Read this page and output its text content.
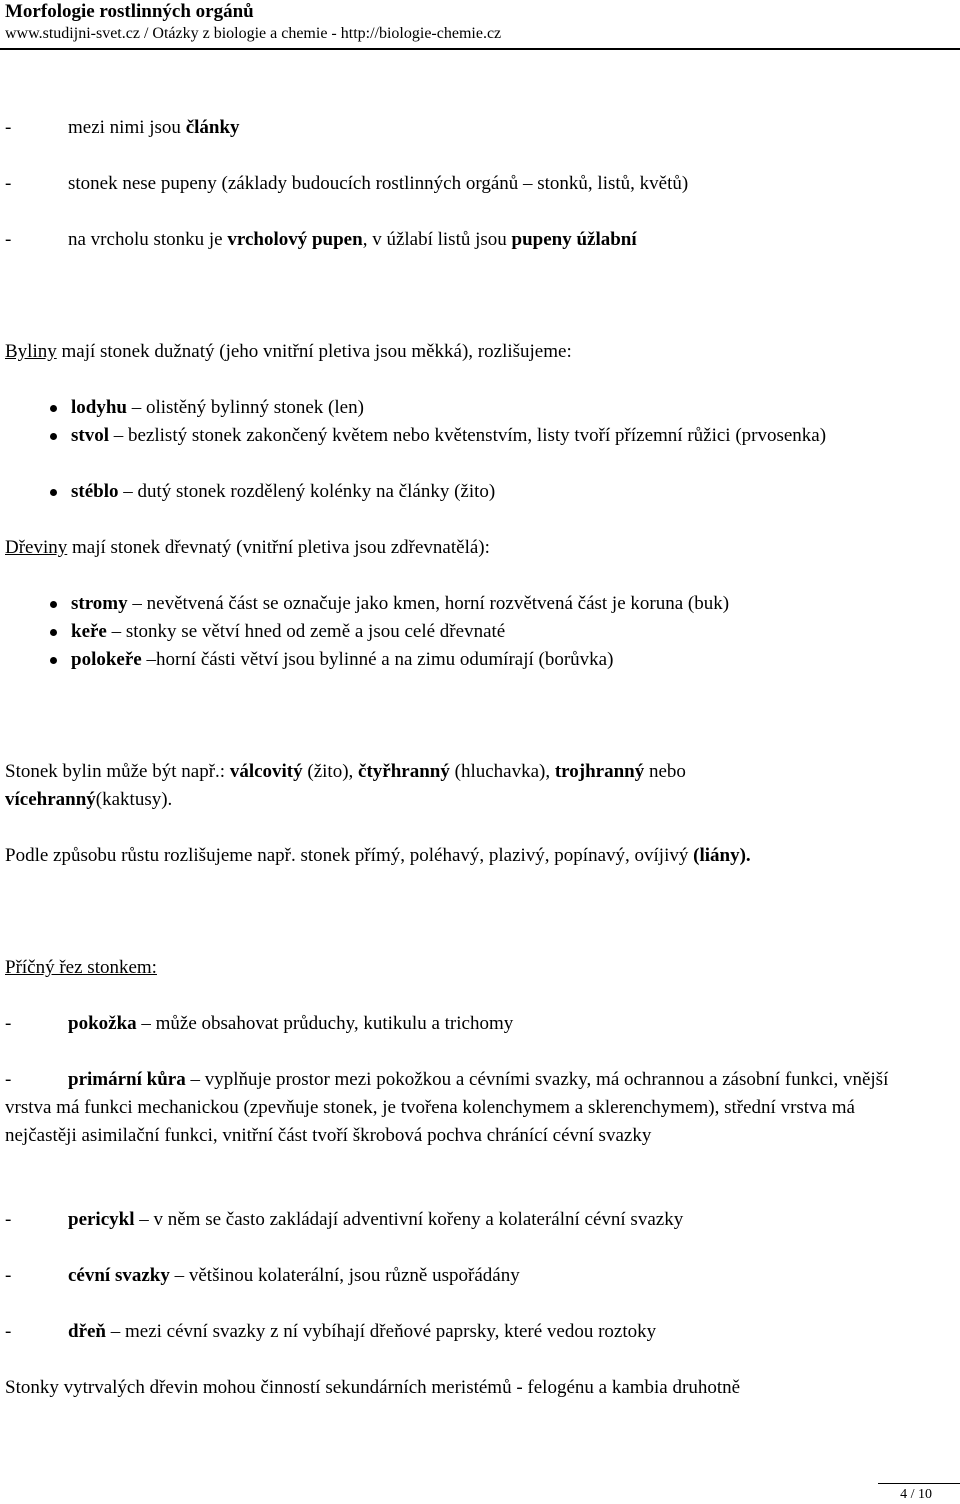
Morfologie rostlinných orgánů
www.studijni-svet.cz / Otázky z biologie a chemie - http://biologie-chemie.cz
-	mezi nimi jsou články
-	stonek nese pupeny (základy budoucích rostlinných orgánů – stonků, listů, květů)
-	na vrcholu stonku je vrcholový pupen, v úžlabí listů jsou pupeny úžlabní
Byliny mají stonek dužnatý (jeho vnitřní pletiva jsou měkká), rozlišujeme:
lodyhu – olistěný bylinný stonek (len)
stvol – bezlistý stonek zakončený květem nebo květenstvím, listy tvoří přízemní růžici (prvosenka)
stéblo – dutý stonek rozdělený kolénky na články (žito)
Dřeviny mají stonek dřevnatý (vnitřní pletiva jsou zdřevnatělá):
stromy – nevětvená část se označuje jako kmen, horní rozvětvená část je koruna (buk)
keře – stonky se větví hned od země a jsou celé dřevnaté
polokeře –horní části větví jsou bylinné a na zimu odumírají (borůvka)
Stonek bylin může být např.: válcovitý (žito), čtyřhranný (hluchavka), trojhranný nebo
vícehranný(kaktusy).
Podle způsobu růstu rozlišujeme např. stonek přímý, poléhavý, plazivý, popínavý, ovíjivý (liány).
Příčný řez stonkem:
-	pokožka – může obsahovat průduchy, kutikulu a trichomy
-	primární kůra – vyplňuje prostor mezi pokožkou a cévními svazky, má ochrannou a zásobní funkci, vnější vrstva má funkci mechanickou (zpevňuje stonek, je tvořena kolenchymem a sklerenchymem), střední vrstva má nejčastěji asimilační funkci, vnitřní část tvoří škrobová pochva chránící cévní svazky
-	pericykl – v něm se často zakládají adventivní kořeny a kolaterální cévní svazky
-	cévní svazky – většinou kolaterální, jsou různě uspořádány
-	dřeň – mezi cévní svazky z ní vybíhají dřeňové paprsky, které vedou roztoky
Stonky vytrvalých dřevin mohou činností sekundárních meristémů - felogénu a kambia druhotně
4 / 10
